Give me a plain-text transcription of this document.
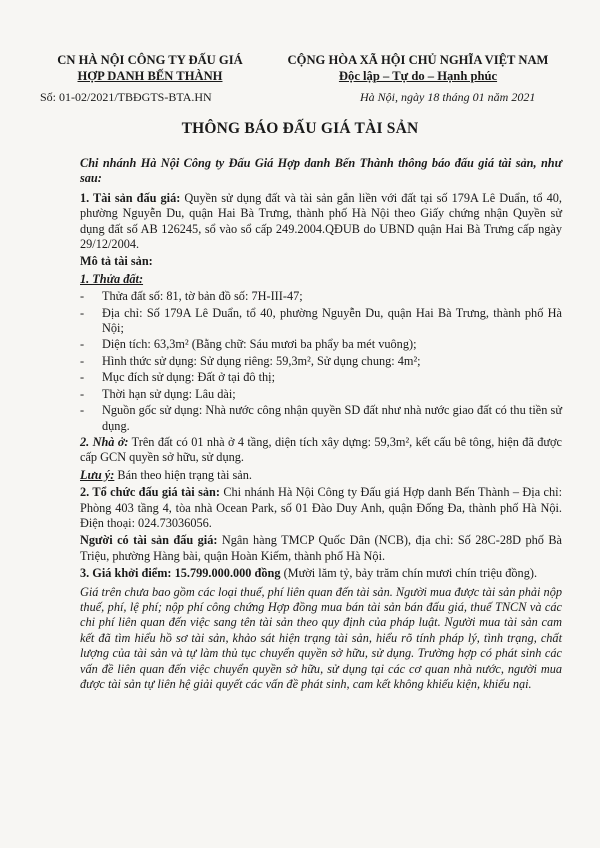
CN HÀ NỘI CÔNG TY ĐẤU GIÁ
HỢP DANH BẾN THÀNH
CỘNG HÒA XÃ HỘI CHỦ NGHĨA VIỆT NAM
Độc lập – Tự do – Hạnh phúc
Số: 01-02/2021/TBĐGTS-BTA.HN	Hà Nội, ngày 18 tháng 01 năm 2021
THÔNG BÁO ĐẤU GIÁ TÀI SẢN

Chi nhánh Hà Nội Công ty Đấu Giá Hợp danh Bến Thành thông báo đấu giá tài sản, như sau:

1. Tài sản đấu giá: Quyền sử dụng đất và tài sản gắn liền với đất tại số 179A Lê Duẩn, tổ 40, phường Nguyễn Du, quận Hai Bà Trưng, thành phố Hà Nội theo Giấy chứng nhận Quyền sử dụng đất số AB 126245, sổ vào sổ cấp 249.2004.QĐUB do UBND quận Hai Bà Trưng cấp ngày 29/12/2004.

Mô tả tài sản:

1. Thửa đất:

- Thửa đất số: 81, tờ bản đồ số: 7H-III-47;

- Địa chỉ: Số 179A Lê Duẩn, tổ 40, phường Nguyễn Du, quận Hai Bà Trưng, thành phố Hà Nội;

- Diện tích: 63,3m² (Bằng chữ: Sáu mươi ba phẩy ba mét vuông);

- Hình thức sử dụng: Sử dụng riêng: 59,3m², Sử dụng chung: 4m²;

- Mục đích sử dụng: Đất ở tại đô thị;

- Thời hạn sử dụng: Lâu dài;

- Nguồn gốc sử dụng: Nhà nước công nhận quyền SD đất như nhà nước giao đất có thu tiền sử dụng.

2. Nhà ở: Trên đất có 01 nhà ở 4 tầng, diện tích xây dựng: 59,3m², kết cấu bê tông, hiện đã được cấp GCN quyền sở hữu, sử dụng.

Lưu ý: Bán theo hiện trạng tài sản.

2. Tổ chức đấu giá tài sản: Chi nhánh Hà Nội Công ty Đấu giá Hợp danh Bến Thành – Địa chỉ: Phòng 403 tầng 4, tòa nhà Ocean Park, số 01 Đào Duy Anh, quận Đống Đa, thành phố Hà Nội. Điện thoại: 024.73036056.

Người có tài sản đấu giá: Ngân hàng TMCP Quốc Dân (NCB), địa chỉ: Số 28C-28D phố Bà Triệu, phường Hàng bài, quận Hoàn Kiếm, thành phố Hà Nội.

3. Giá khởi điểm: 15.799.000.000 đồng (Mười lăm tỷ, bảy trăm chín mươi chín triệu đồng).

Giá trên chưa bao gồm các loại thuế, phí liên quan đến tài sản. Người mua được tài sản phải nộp thuế, phí, lệ phí; nộp phí công chứng Hợp đồng mua bán tài sản bán đấu giá, thuế TNCN và các chi phí liên quan đến việc sang tên tài sản theo quy định của pháp luật. Người mua tài sản cam kết đã tìm hiểu hồ sơ tài sản, khảo sát hiện trạng tài sản, hiểu rõ tính pháp lý, tình trạng, chất lượng của tài sản và tự làm thủ tục chuyển quyền sở hữu, sử dụng. Trường hợp có phát sinh các vấn đề liên quan đến việc chuyển quyền sở hữu, sử dụng tại các cơ quan nhà nước, người mua được tài sản tự liên hệ giải quyết các vấn đề phát sinh, cam kết không khiếu kiện, khiếu nại.
